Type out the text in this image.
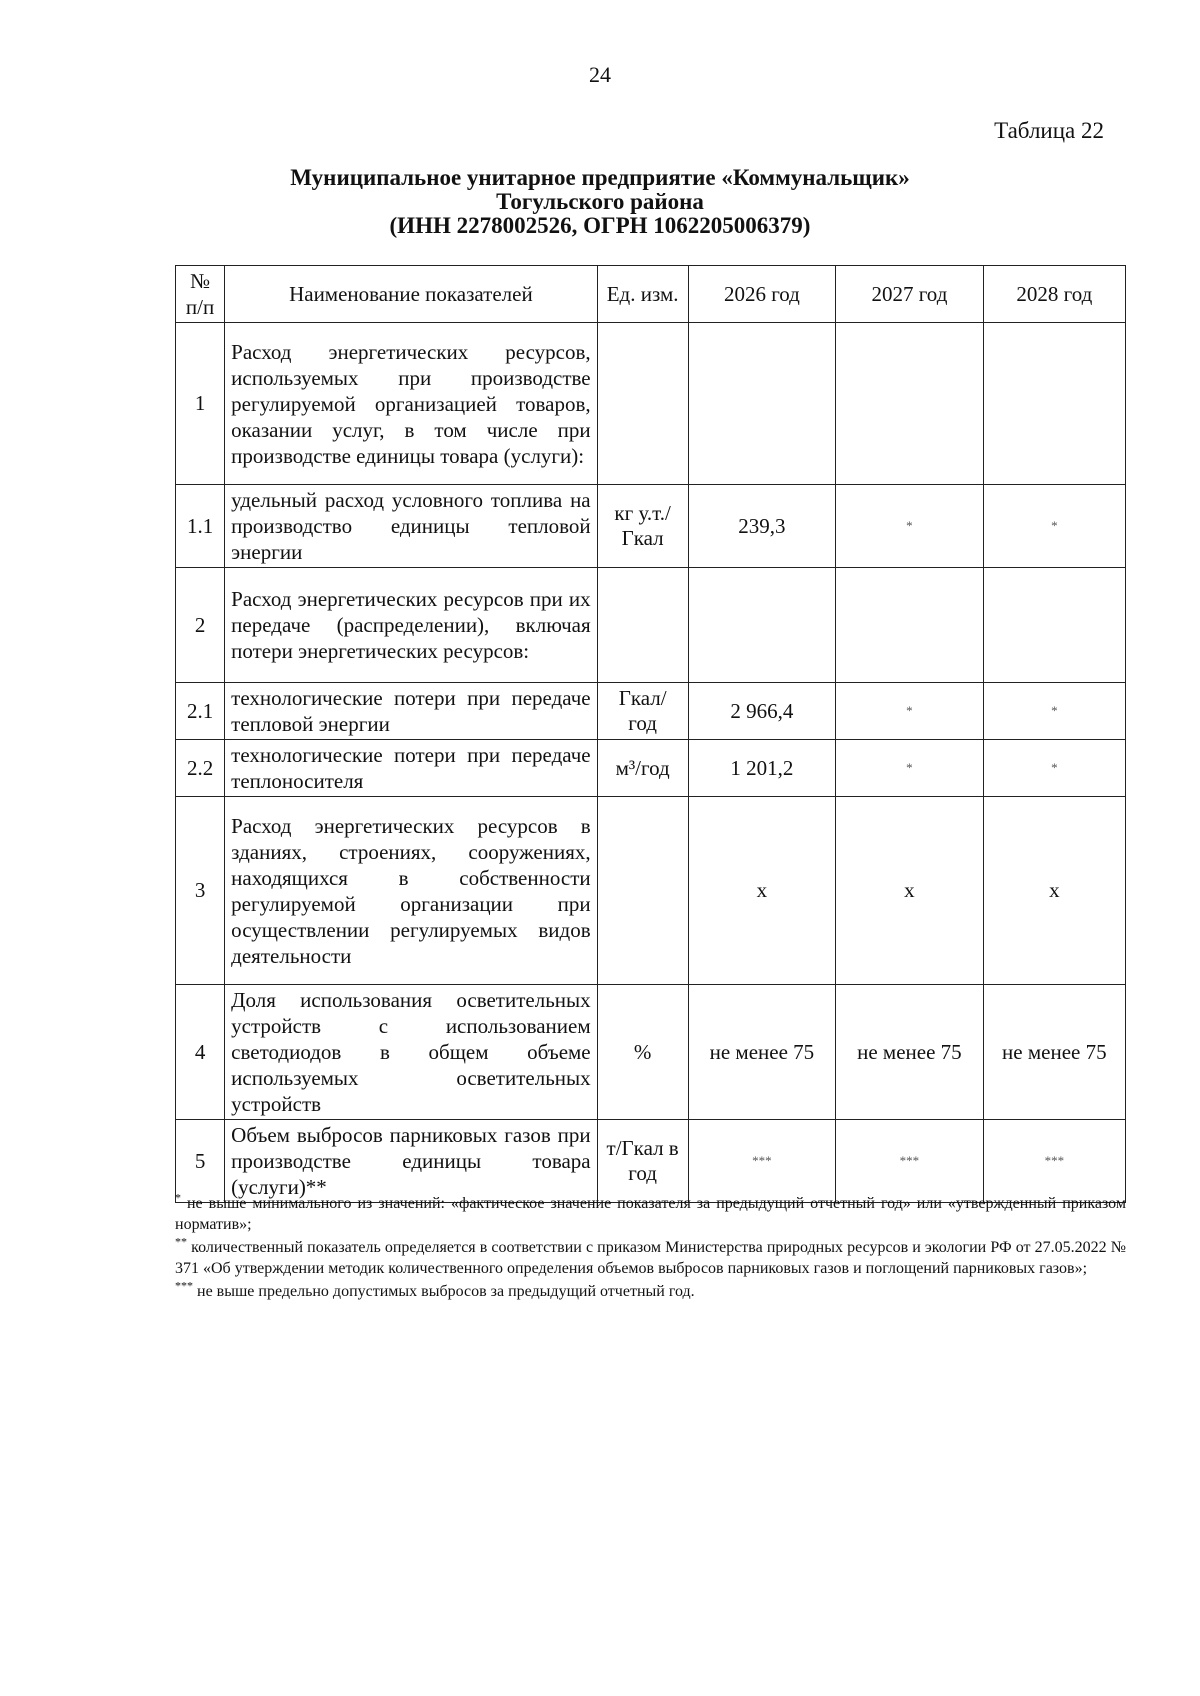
24
Таблица 22
Муниципальное унитарное предприятие «Коммунальщик»
Тогульского района
(ИНН 2278002526, ОГРН 1062205006379)
№ п/п	Наименование показателей	Ед. изм.	2026 год	2027 год	2028 год
1	Расход энергетических ресурсов, используемых при производстве регулируемой организацией товаров, оказании услуг, в том числе при производстве единицы товара (услуги):				
1.1	удельный расход условного топлива на производство единицы тепловой энергии	кг у.т./ Гкал	239,3	*	*
2	Расход энергетических ресурсов при их передаче (распределении), включая потери энергетических ресурсов:				
2.1	технологические потери при передаче тепловой энергии	Гкал/ год	2 966,4	*	*
2.2	технологические потери при передаче теплоносителя	м³/год	1 201,2	*	*
3	Расход энергетических ресурсов в зданиях, строениях, сооружениях, находящихся в собственности регулируемой организации при осуществлении регулируемых видов деятельности		х	х	х
4	Доля использования осветительных устройств с использованием светодиодов в общем объеме используемых осветительных устройств	%	не менее 75	не менее 75	не менее 75
5	Объем выбросов парниковых газов при производстве единицы товара (услуги)**	т/Гкал в год	***	***	***

* не выше минимального из значений: «фактическое значение показателя за предыдущий отчетный год» или «утвержденный приказом норматив»;

** количественный показатель определяется в соответствии с приказом Министерства природных ресурсов и экологии РФ от 27.05.2022 № 371 «Об утверждении методик количественного определения объемов выбросов парниковых газов и поглощений парниковых газов»;

*** не выше предельно допустимых выбросов за предыдущий отчетный год.
